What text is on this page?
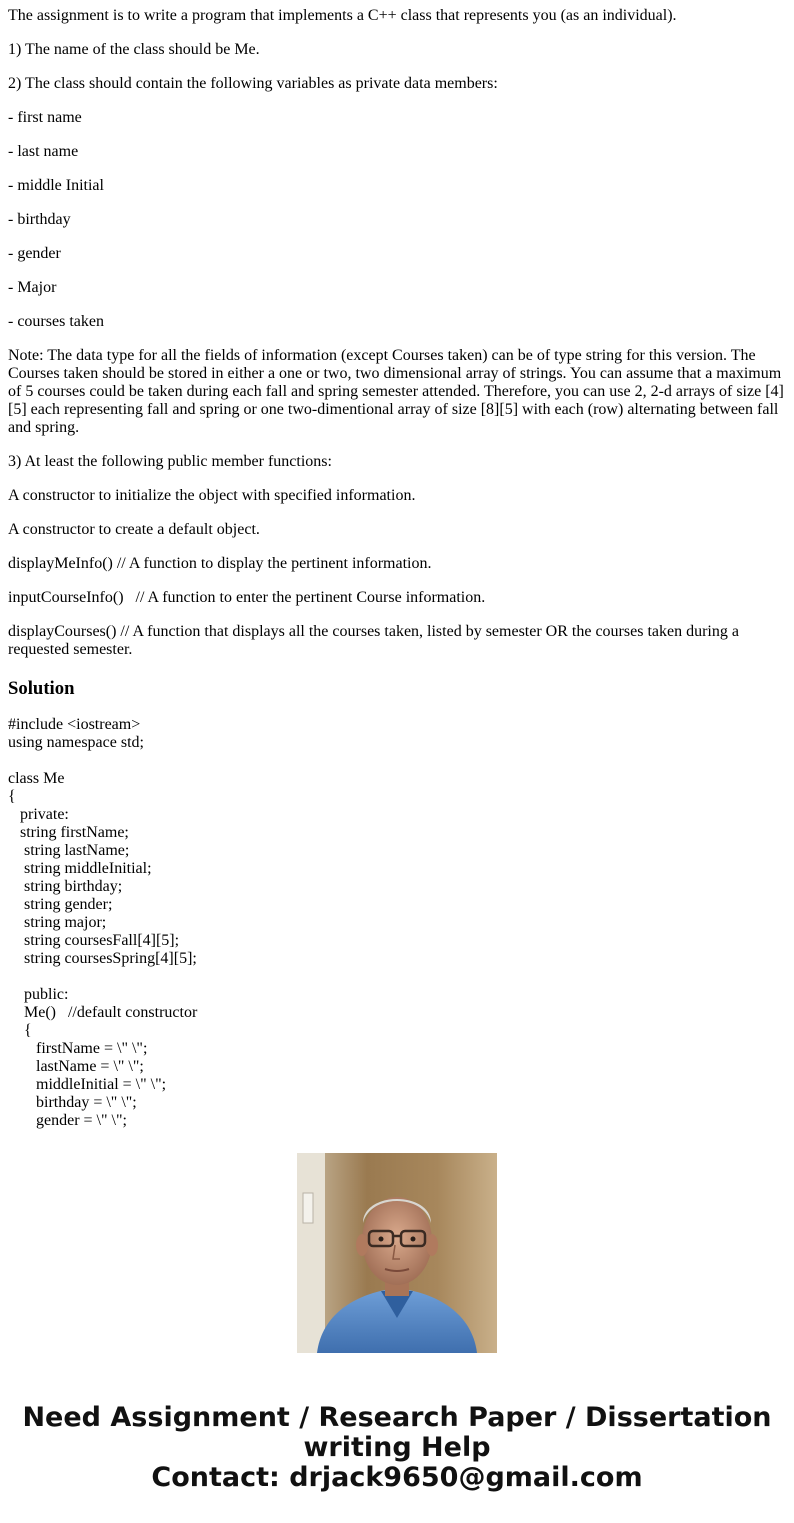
The assignment is to write a program that implements a C++ class that represents you (as an individual).

1) The name of the class should be Me.

2) The class should contain the following variables as private data members:

- first name

- last name

- middle Initial

- birthday

- gender

- Major

- courses taken

Note: The data type for all the fields of information (except Courses taken) can be of type string for this version. The Courses taken should be stored in either a one or two, two dimensional array of strings. You can assume that a maximum of 5 courses could be taken during each fall and spring semester attended. Therefore, you can use 2, 2-d arrays of size [4][5] each representing fall and spring or one two-dimentional array of size [8][5] with each (row) alternating between fall and spring.

3) At least the following public member functions:

A constructor to initialize the object with specified information.

A constructor to create a default object.

displayMeInfo() // A function to display the pertinent information.

inputCourseInfo()   // A function to enter the pertinent Course information.

displayCourses() // A function that displays all the courses taken, listed by semester OR the courses taken during a requested semester.

Solution
#include <iostream>
using namespace std;
class Me
{
private:
string firstName;
string lastName;
string middleInitial;
string birthday;
string gender;
string major;
string coursesFall[4][5];
string coursesSpring[4][5];
public:
Me()   //default constructor
{
firstName = \" \";
lastName = \" \";
middleInitial = \" \";
birthday = \" \";
gender = \" \";
Need Assignment / Research Paper / Dissertation
writing Help
Contact: drjack9650@gmail.com
